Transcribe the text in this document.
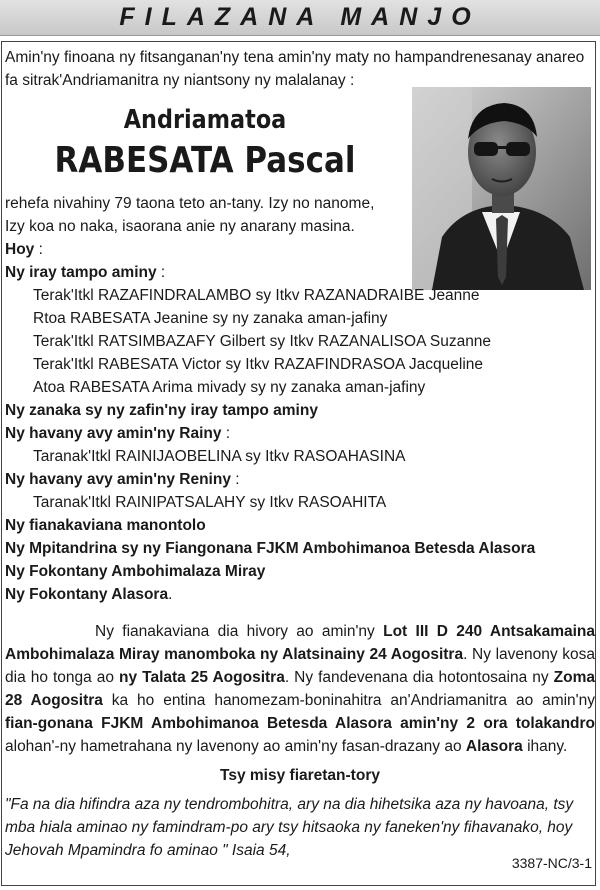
FILAZANA MANJO
Amin'ny finoana ny fitsanganan'ny tena amin'ny maty no hampandrenesanay anareo fa sitrak'Andriamanitra ny niantsony ny malalanay :
Andriamatoa
RABESATA Pascal
rehefa nivahiny 79 taona teto an-tany. Izy no nanome,
Izy koa no naka, isaorana anie ny anarany masina.
Hoy :
Ny iray tampo aminy :
Terak'Itkl RAZAFINDRALAMBO sy Itkv RAZANADRAIBE Jeanne
Rtoa RABESATA Jeanine sy ny zanaka aman-jafiny
Terak'Itkl RATSIMBAZAFY Gilbert sy Itkv RAZANALISOA Suzanne
Terak'Itkl RABESATA Victor sy Itkv RAZAFINDRASOA Jacqueline
Atoa RABESATA Arima mivady sy ny zanaka aman-jafiny
Ny zanaka sy ny zafin'ny iray tampo aminy
Ny havany avy amin'ny Rainy :
Taranak'Itkl RAINIJAOBELINA sy Itkv RASOAHASINA
Ny havany avy amin'ny Reniny :
Taranak'Itkl RAINIPATSALAHY sy Itkv RASOAHITA
Ny fianakaviana manontolo
Ny Mpitandrina sy ny Fiangonana FJKM Ambohimanoa Betesda Alasora
Ny Fokontany Ambohimalaza Miray
Ny Fokontany Alasora.
Ny fianakaviana dia hivory ao amin'ny Lot III D 240 Antsakamaina Ambohimalaza Miray manomboka ny Alatsinainy 24 Aogositra. Ny lavenony kosa dia ho tonga ao ny Talata 25 Aogositra. Ny fandevenana dia hotontosaina ny Zoma 28 Aogositra ka ho entina hanomezam-boninahitra an'Andriamanitra ao amin'ny fian-gonana FJKM Ambohimanoa Betesda Alasora amin'ny 2 ora tolakandro alohan'-ny hametrahana ny lavenony ao amin'ny fasan-drazany ao Alasora ihany.
Tsy misy fiaretan-tory
"Fa na dia hifindra aza ny tendrombohitra, ary na dia hihetsika aza ny havoana, tsy
mba hiala aminao ny famindram-po ary tsy hitsaoka ny faneken'ny fihavanako, hoy
Jehovah Mpamindra fo aminao " Isaia 54,
3387-NC/3-1
